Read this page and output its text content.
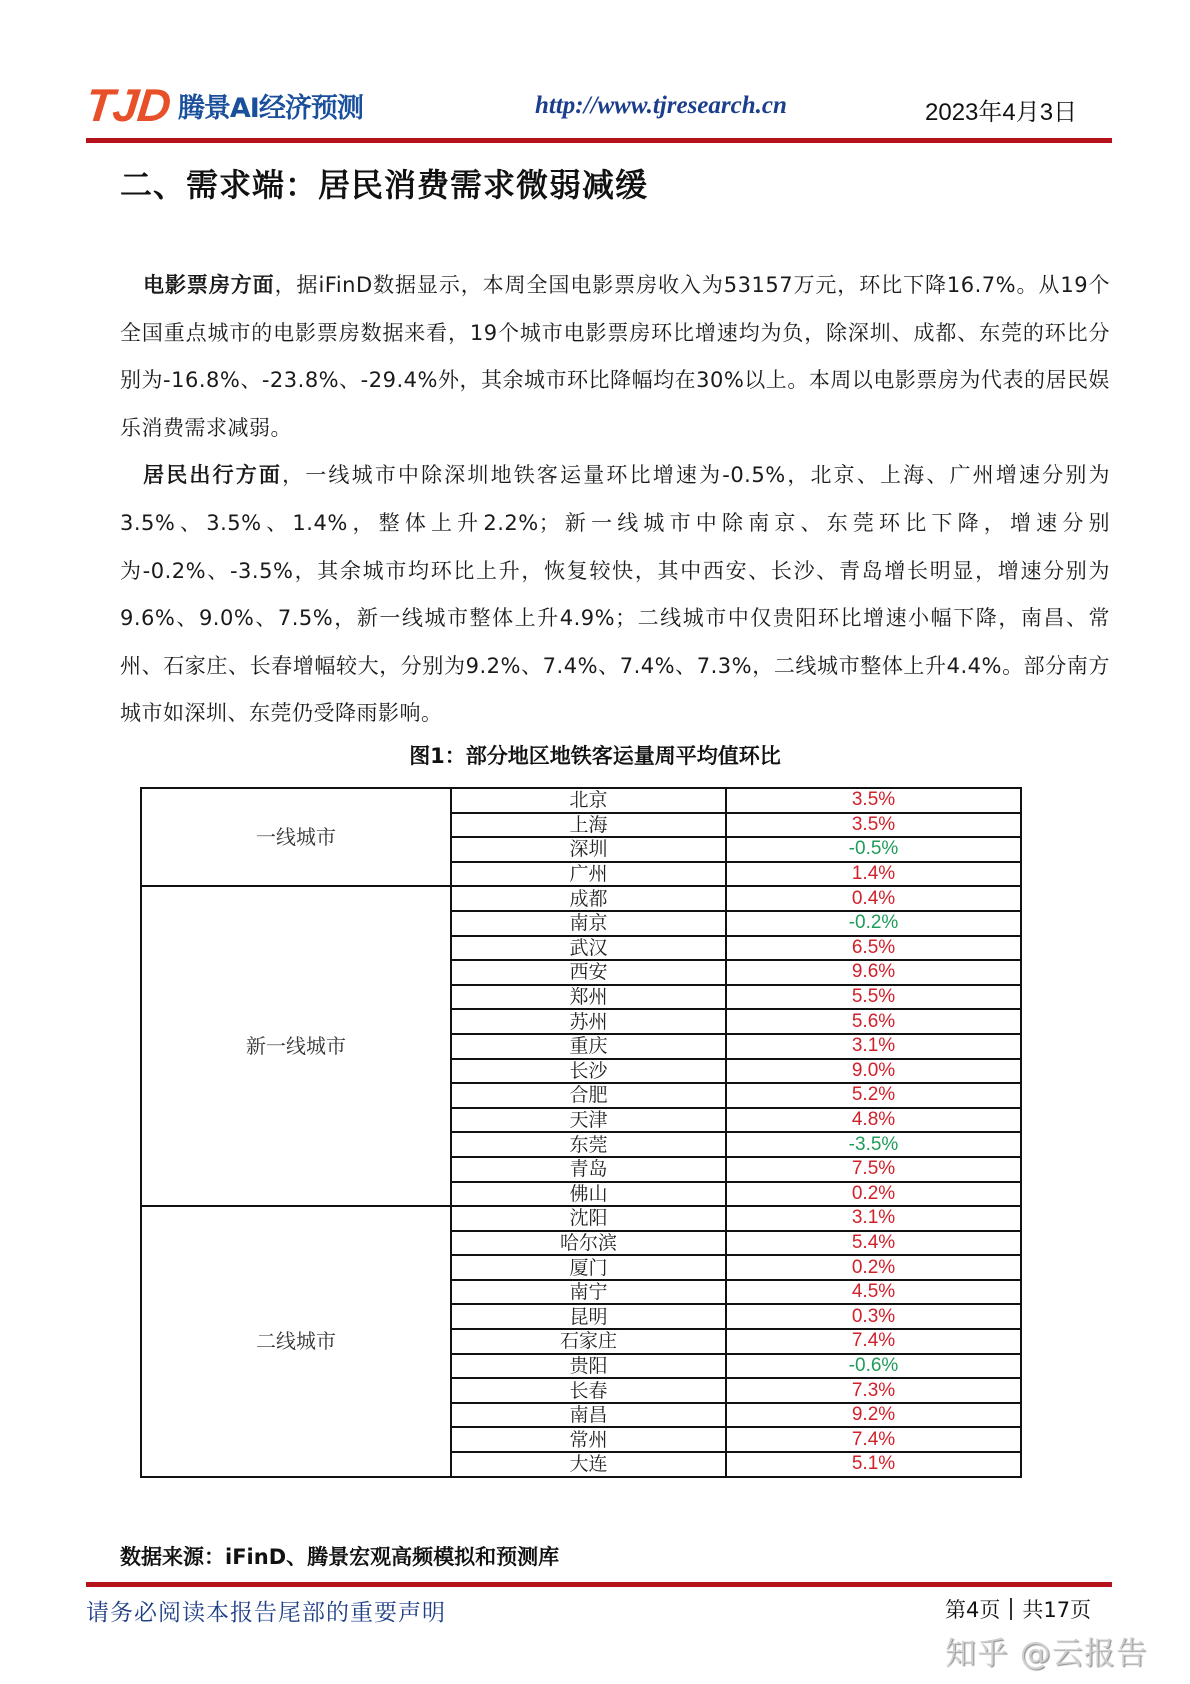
TJD 腾景AI经济预测	http://www.tjresearch.cn	2023年4月3日
二、需求端：居民消费需求微弱减缓

电影票房方面，据iFinD数据显示，本周全国电影票房收入为53157万元，环比下降16.7%。从19个全国重点城市的电影票房数据来看，19个城市电影票房环比增速均为负，除深圳、成都、东莞的环比分别为-16.8%、-23.8%、-29.4%外，其余城市环比降幅均在30%以上。本周以电影票房为代表的居民娱乐消费需求减弱。

居民出行方面，一线城市中除深圳地铁客运量环比增速为-0.5%，北京、上海、广州增速分别为3.5%、3.5%、1.4%，整体上升2.2%；新一线城市中除南京、东莞环比下降，增速分别为-0.2%、-3.5%，其余城市均环比上升，恢复较快，其中西安、长沙、青岛增长明显，增速分别为9.6%、9.0%、7.5%，新一线城市整体上升4.9%；二线城市中仅贵阳环比增速小幅下降，南昌、常州、石家庄、长春增幅较大，分别为9.2%、7.4%、7.4%、7.3%，二线城市整体上升4.4%。部分南方城市如深圳、东莞仍受降雨影响。

图1：部分地区地铁客运量周平均值环比
一线城市	北京	3.5%
	上海	3.5%
	深圳	-0.5%
	广州	1.4%
新一线城市	成都	0.4%
	南京	-0.2%
	武汉	6.5%
	西安	9.6%
	郑州	5.5%
	苏州	5.6%
	重庆	3.1%
	长沙	9.0%
	合肥	5.2%
	天津	4.8%
	东莞	-3.5%
	青岛	7.5%
	佛山	0.2%
二线城市	沈阳	3.1%
	哈尔滨	5.4%
	厦门	0.2%
	南宁	4.5%
	昆明	0.3%
	石家庄	7.4%
	贵阳	-0.6%
	长春	7.3%
	南昌	9.2%
	常州	7.4%
	大连	5.1%
数据来源：iFinD、腾景宏观高频模拟和预测库
请务必阅读本报告尾部的重要声明	第4页 共17页
知乎 @云报告
